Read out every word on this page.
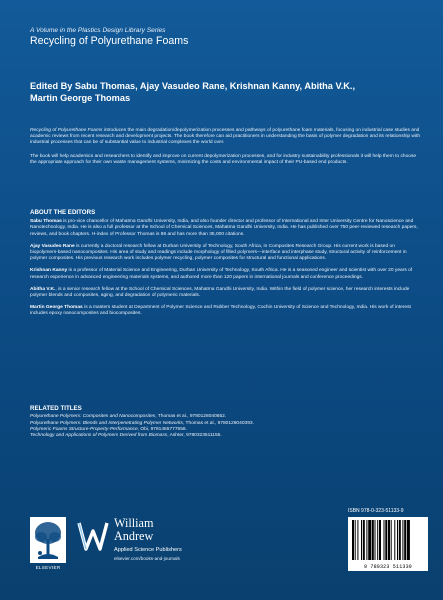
A Volume in the Plastics Design Library Series
Recycling of Polyurethane Foams
Edited By Sabu Thomas, Ajay Vasudeo Rane, Krishnan Kanny, Abitha V.K.,
Martin George Thomas

Recycling of Polyurethane Foams introduces the main degradation/depolymerization processes and pathways of polyurethane foam materials, focusing on industrial case studies and academic reviews from recent research and development projects. The book therefore can aid practitioners in understanding the basis of polymer degradation and its relationship with industrial processes that can be of substantial value to industrial complexes the world over.

The book will help academics and researchers to identify and improve on current depolymerization processes, and for industry sustainability professionals it will help them to choose the appropriate approach for their own waste management systems, minimizing the costs and environmental impact of their PU-based end products.

ABOUT THE EDITORS

Sabu Thomas is pro-vice chancellor of Mahatma Gandhi University, India, and also founder director and professor of International and Inter University Centre for Nanoscience and Nanotechnology, India. He is also a full professor at the School of Chemical Sciences, Mahatma Gandhi University, India. He has published over 750 peer-reviewed research papers, reviews, and book chapters. H-index of Professor Thomas is 86 and has more than 35,000 citations.

Ajay Vasudeo Rane is currently a doctoral research fellow at Durban University of Technology, South Africa, in Composites Research Group. His current work is based on biopolymers-based nanocomposites. His area of study and readings include morphology of filled polymers—interface and interphase study, structural activity of reinforcement in polymer composites. His previous research work includes polymer recycling, polymer composites for structural and functional applications.

Krishnan Kanny is a professor of Material Science and Engineering, Durban University of Technology, South Africa. He is a seasoned engineer and scientist with over 20 years of research experience in advanced engineering materials systems, and authored more than 120 papers in international journals and conference proceedings.

Abitha V.K., is a senior research fellow at the School of Chemical Sciences, Mahatma Gandhi University, India. Within the field of polymer science, her research interests include polymer blends and composites, aging, and degradation of polymeric materials.

Martin George Thomas is a masters student at Department of Polymer Science and Rubber Technology, Cochin University of Science and Technology, India. His work of interest includes epoxy nanocomposites and biocomposites.

RELATED TITLES
Polyurethane Polymers: Composites and Nanocomposites, Thomas et al., 9780128040652.
Polyurethane Polymers: Blends and Interpenetrating Polymer Networks, Thomas et al., 9780128040393.
Polymeric Foams Structure-Property-Performance, Obi, 9781455777556.
Technology and Applications of Polymers Derived from Biomass, Ashter, 9780323511155.
ELSEVIER
William
Andrew
Applied Science Publishers
elsevier.com/books-and-journals
ISBN 978-0-323-51133-9
9 780323 511339
